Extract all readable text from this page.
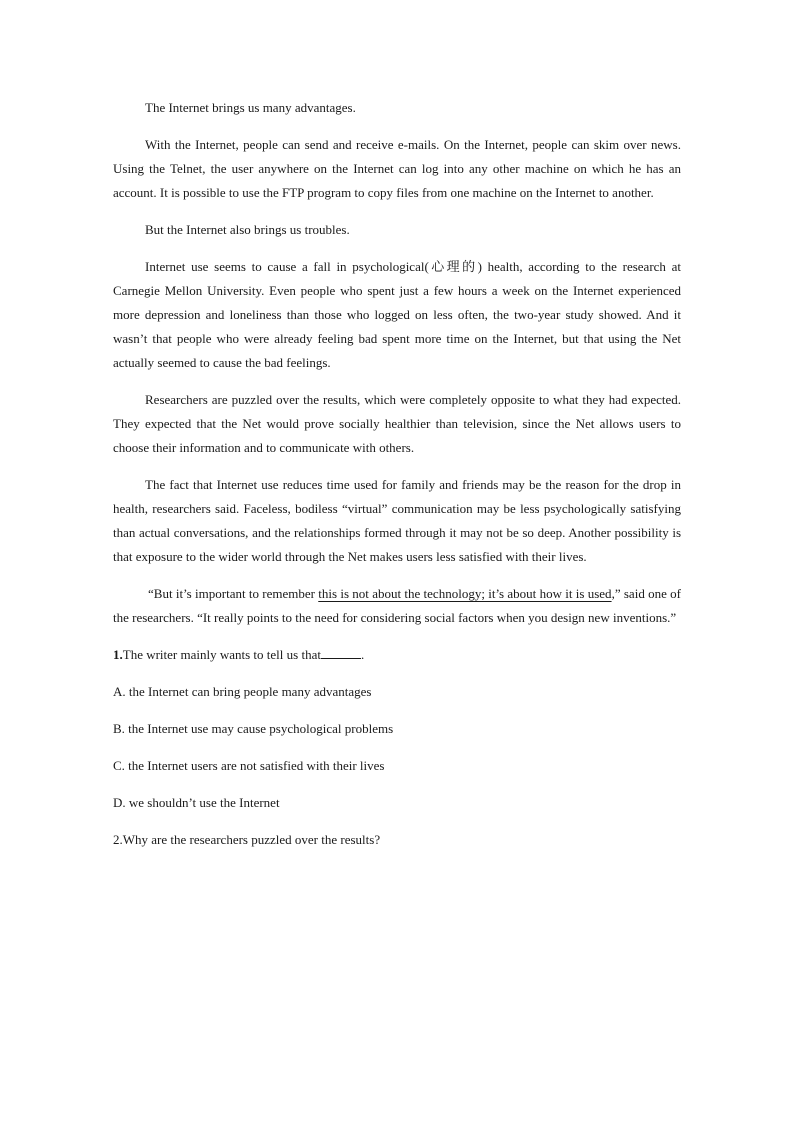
The Internet brings us many advantages.

With the Internet, people can send and receive e-mails. On the Internet, people can skim over news. Using the Telnet, the user anywhere on the Internet can log into any other machine on which he has an account. It is possible to use the FTP program to copy files from one machine on the Internet to another.

But the Internet also brings us troubles.

Internet use seems to cause a fall in psychological(心理的) health, according to the research at Carnegie Mellon University. Even people who spent just a few hours a week on the Internet experienced more depression and loneliness than those who logged on less often, the two-year study showed. And it wasn’t that people who were already feeling bad spent more time on the Internet, but that using the Net actually seemed to cause the bad feelings.

Researchers are puzzled over the results, which were completely opposite to what they had expected. They expected that the Net would prove socially healthier than television, since the Net allows users to choose their information and to communicate with others.

The fact that Internet use reduces time used for family and friends may be the reason for the drop in health, researchers said. Faceless, bodiless “virtual” communication may be less psychologically satisfying than actual conversations, and the relationships formed through it may not be so deep. Another possibility is that exposure to the wider world through the Net makes users less satisfied with their lives.

“But it’s important to remember this is not about the technology; it’s about how it is used,” said one of the researchers. “It really points to the need for considering social factors when you design new inventions.”

1.The writer mainly wants to tell us that	.
A. the Internet can bring people many advantages
B. the Internet use may cause psychological problems
C. the Internet users are not satisfied with their lives
D. we shouldn’t use the Internet
2.Why are the researchers puzzled over the results?
